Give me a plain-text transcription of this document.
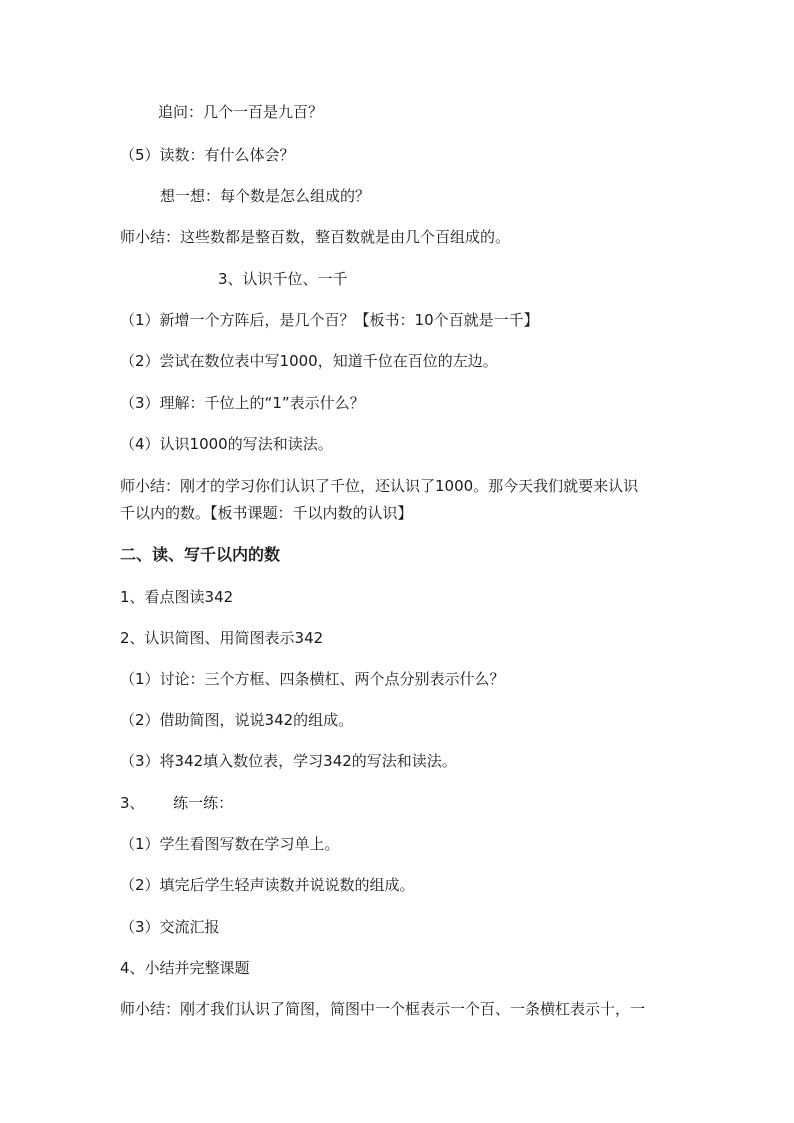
追问：几个一百是九百？
（5）读数：有什么体会？
想一想：每个数是怎么组成的？
师小结：这些数都是整百数，整百数就是由几个百组成的。
3、认识千位、一千
（1）新增一个方阵后，是几个百？【板书：10个百就是一千】
（2）尝试在数位表中写1000，知道千位在百位的左边。
（3）理解：千位上的“1”表示什么？
（4）认识1000的写法和读法。
师小结：刚才的学习你们认识了千位，还认识了1000。那今天我们就要来认识
千以内的数。【板书课题：千以内数的认识】
二、读、写千以内的数
1、看点图读342
2、认识简图、用简图表示342
（1）讨论：三个方框、四条横杠、两个点分别表示什么？
（2）借助简图，说说342的组成。
（3）将342填入数位表，学习342的写法和读法。
3、      练一练：
（1）学生看图写数在学习单上。
（2）填完后学生轻声读数并说说数的组成。
（3）交流汇报
4、小结并完整课题
师小结：刚才我们认识了简图，简图中一个框表示一个百、一条横杠表示十，一
